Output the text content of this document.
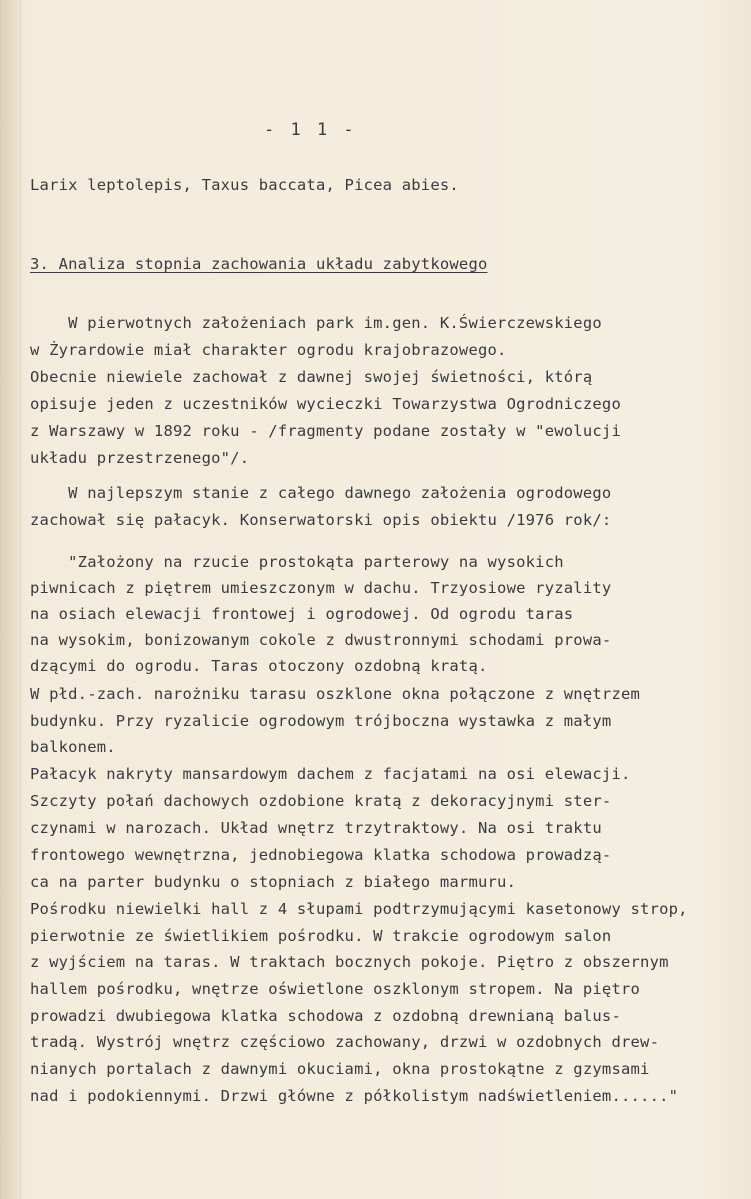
- 1 1 -
Larix leptolepis, Taxus baccata, Picea abies.
3. Analiza stopnia zachowania układu zabytkowego
W pierwotnych założeniach park im.gen. K.Świerczewskiego
w Żyrardowie miał charakter ogrodu krajobrazowego.
Obecnie niewiele zachował z dawnej swojej świetności, którą
opisuje jeden z uczestników wycieczki Towarzystwa Ogrodniczego
z Warszawy w 1892 roku - /fragmenty podane zostały w "ewolucji
układu przestrzenego"/.
W najlepszym stanie z całego dawnego założenia ogrodowego
zachował się pałacyk. Konserwatorski opis obiektu /1976 rok/:
"Założony na rzucie prostokąta parterowy na wysokich
piwnicach z piętrem umieszczonym w dachu. Trzyosiowe ryzality
na osiach elewacji frontowej i ogrodowej. Od ogrodu taras
na wysokim, bonizowanym cokole z dwustronnymi schodami prowa-
dzącymi do ogrodu. Taras otoczony ozdobną kratą.
W płd.-zach. narożniku tarasu oszklone okna połączone z wnętrzem
budynku. Przy ryzalicie ogrodowym trójboczna wystawka z małym
balkonem.
Pałacyk nakryty mansardowym dachem z facjatami na osi elewacji.
Szczyty połań dachowych ozdobione kratą z dekoracyjnymi ster-
czynami w narozach. Układ wnętrz trzytraktowy. Na osi traktu
frontowego wewnętrzna, jednobiegowa klatka schodowa prowadzą-
ca na parter budynku o stopniach z białego marmuru.
Pośrodku niewielki hall z 4 słupami podtrzymującymi kasetonowy strop,
pierwotnie ze świetlikiem pośrodku. W trakcie ogrodowym salon
z wyjściem na taras. W traktach bocznych pokoje. Piętro z obszernym
hallem pośrodku, wnętrze oświetlone oszklonym stropem. Na piętro
prowadzi dwubiegowa klatka schodowa z ozdobną drewnianą balus-
tradą. Wystrój wnętrz częściowo zachowany, drzwi w ozdobnych drew-
nianych portalach z dawnymi okuciami, okna prostokątne z gzymsami
nad i podokiennymi. Drzwi główne z półkolistym nadświetleniem......"
